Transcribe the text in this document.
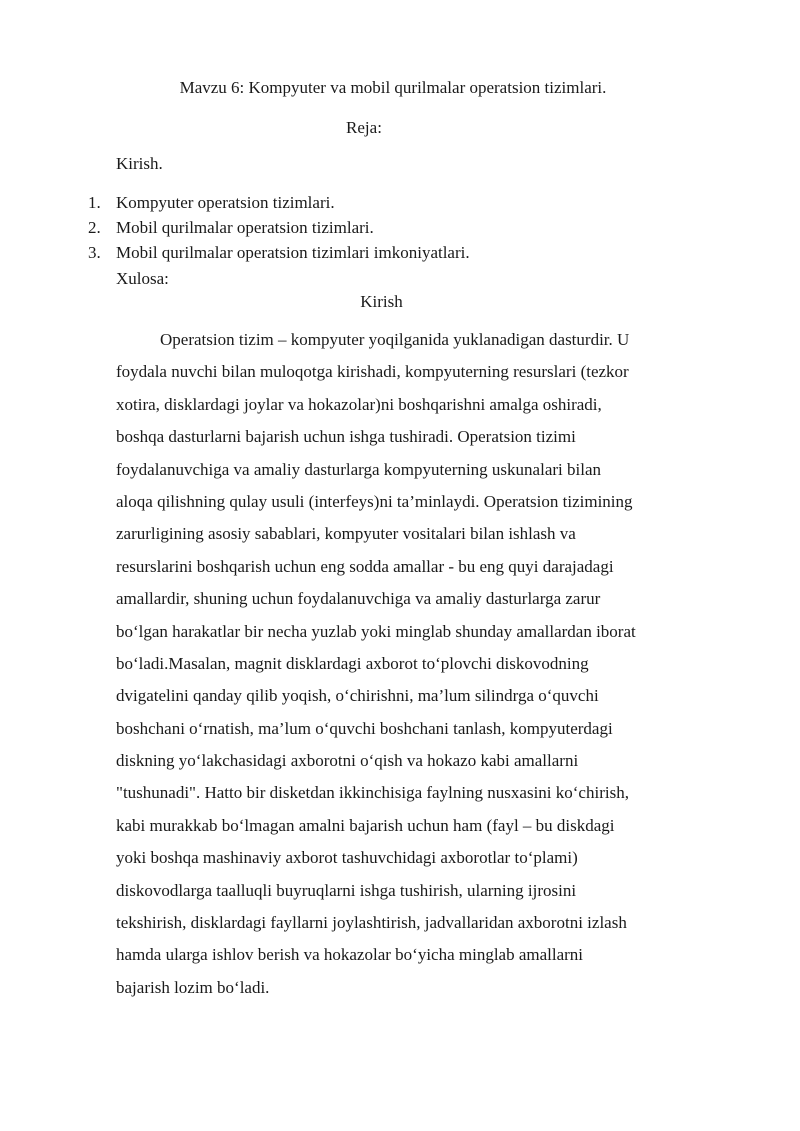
Mavzu 6: Kompyuter va mobil qurilmalar operatsion tizimlari.
Reja:
Kirish.
1. Kompyuter operatsion tizimlari.
2. Mobil qurilmalar operatsion tizimlari.
3. Mobil qurilmalar operatsion tizimlari imkoniyatlari.
Xulosa:
Kirish
Operatsion tizim – kompyuter yoqilganida yuklanadigan dasturdir. U
foydala nuvchi bilan muloqotga kirishadi, kompyuterning resurslari (tezkor
xotira, disklardagi joylar va hokazolar)ni boshqarishni amalga oshiradi,
boshqa dasturlarni bajarish uchun ishga tushiradi. Operatsion tizimi
foydalanuvchiga va amaliy dasturlarga kompyuterning uskunalari bilan
aloqa qilishning qulay usuli (interfeys)ni ta’minlaydi. Operatsion tizimining
zarurligining asosiy sabablari, kompyuter vositalari bilan ishlash va
resurslarini boshqarish uchun eng sodda amallar - bu eng quyi darajadagi
amallardir, shuning uchun foydalanuvchiga va amaliy dasturlarga zarur
bo‘lgan harakatlar bir necha yuzlab yoki minglab shunday amallardan iborat
bo‘ladi.Masalan, magnit disklardagi axborot to‘plovchi diskovodning
dvigatelini qanday qilib yoqish, o‘chirishni, ma’lum silindrga o‘quvchi
boshchani o‘rnatish, ma’lum o‘quvchi boshchani tanlash, kompyuterdagi
diskning yo‘lakchasidagi axborotni o‘qish va hokazo kabi amallarni
"tushunadi". Hatto bir disketdan ikkinchisiga faylning nusxasini ko‘chirish,
kabi murakkab bo‘lmagan amalni bajarish uchun ham (fayl – bu diskdagi
yoki boshqa mashinaviy axborot tashuvchidagi axborotlar to‘plami)
diskovodlarga taalluqli buyruqlarni ishga tushirish, ularning ijrosini
tekshirish, disklardagi fayllarni joylashtirish, jadvallaridan axborotni izlash
hamda ularga ishlov berish va hokazolar bo‘yicha minglab amallarni
bajarish lozim bo‘ladi.
